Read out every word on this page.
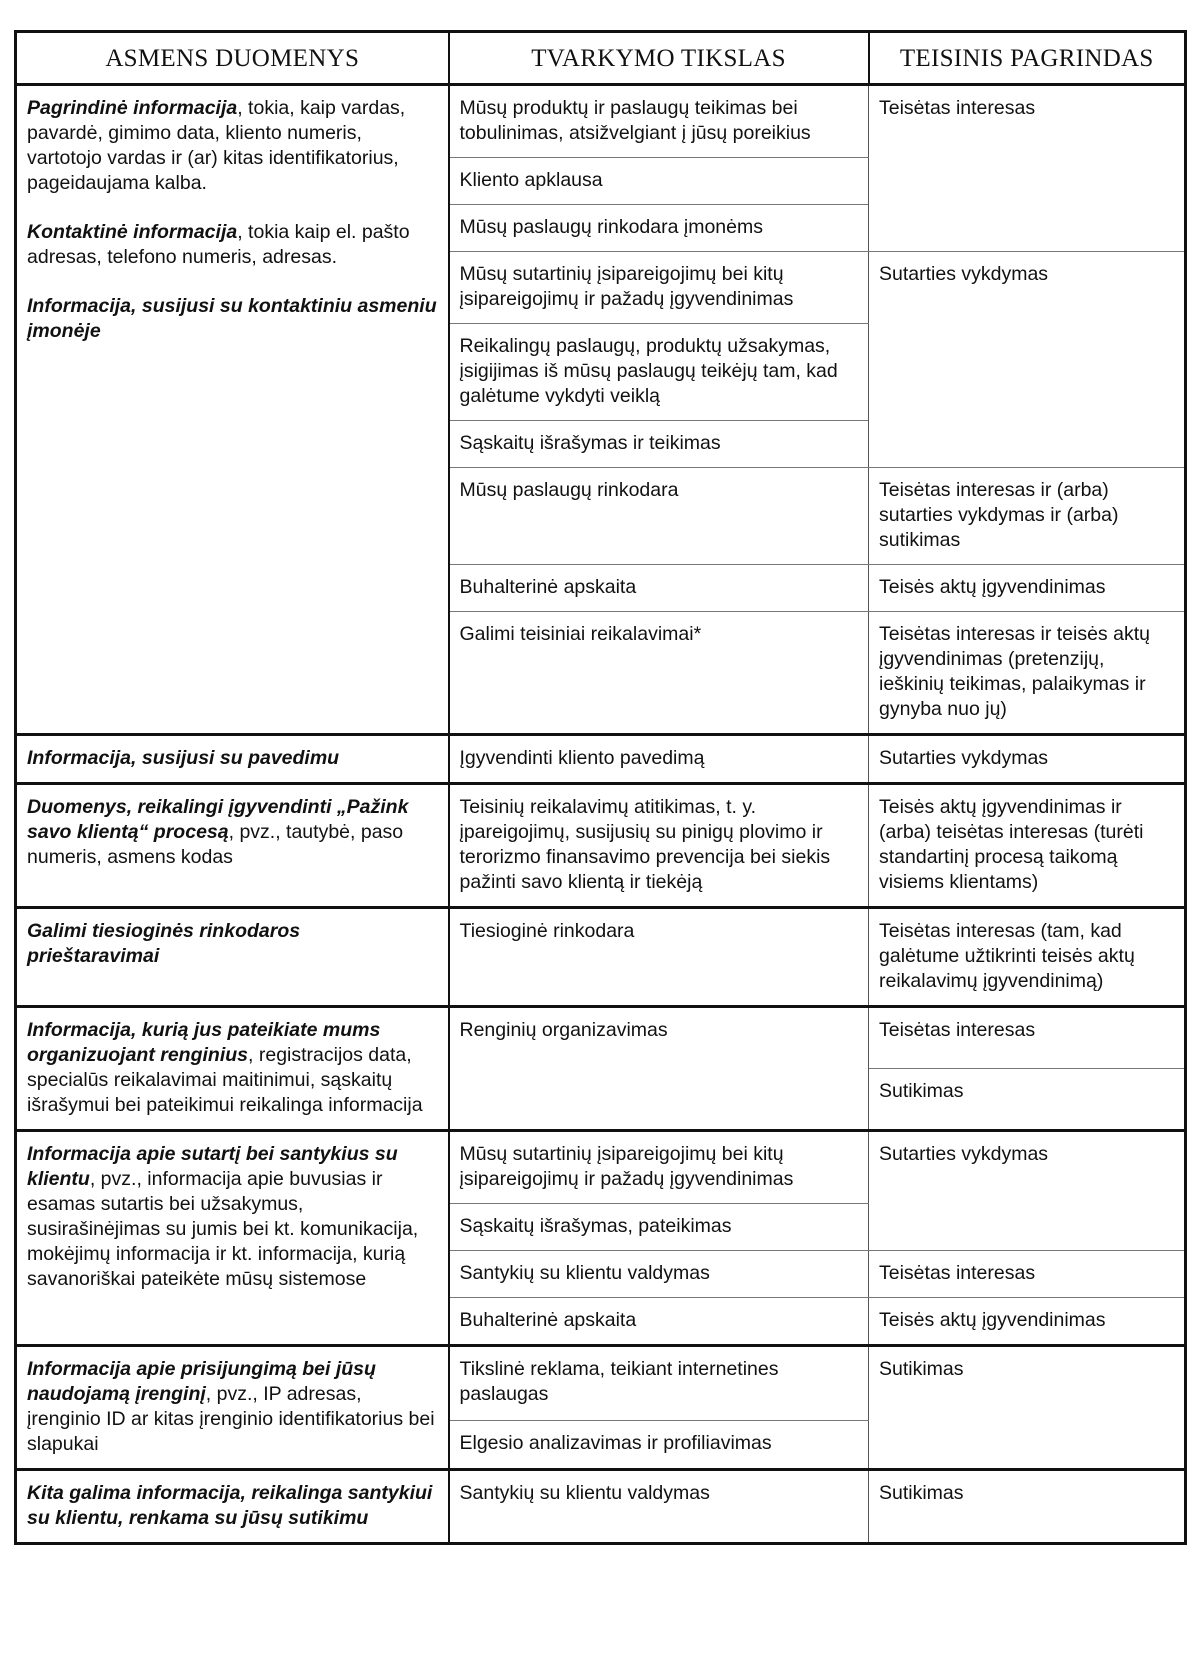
ASMENS DUOMENYS	TVARKYMO TIKSLAS	TEISINIS PAGRINDAS

Pagrindinė informacija, tokia, kaip vardas, pavardė, gimimo data, kliento numeris, vartotojo vardas ir (ar) kitas identifikatorius, pageidaujama kalba.
Kontaktinė informacija, tokia kaip el. pašto adresas, telefono numeris, adresas.
Informacija, susijusi su kontaktiniu asmeniu įmonėje	Mūsų produktų ir paslaugų teikimas bei tobulinimas, atsižvelgiant į jūsų poreikius	Teisėtas interesas
	Kliento apklausa	
	Mūsų paslaugų rinkodara įmonėms	
	Mūsų sutartinių įsipareigojimų bei kitų įsipareigojimų ir pažadų įgyvendinimas	Sutarties vykdymas
	Reikalingų paslaugų, produktų užsakymas, įsigijimas iš mūsų paslaugų teikėjų tam, kad galėtume vykdyti veiklą	
	Sąskaitų išrašymas ir teikimas	
	Mūsų paslaugų rinkodara	Teisėtas interesas ir (arba) sutarties vykdymas ir (arba) sutikimas
	Buhalterinė apskaita	Teisės aktų įgyvendinimas
	Galimi teisiniai reikalavimai*	Teisėtas interesas ir teisės aktų įgyvendinimas (pretenzijų, ieškinių teikimas, palaikymas ir gynyba nuo jų)

Informacija, susijusi su pavedimu	Įgyvendinti kliento pavedimą	Sutarties vykdymas

Duomenys, reikalingi įgyvendinti „Pažink savo klientą“ procesą, pvz., tautybė, paso numeris, asmens kodas	Teisinių reikalavimų atitikimas, t. y. įpareigojimų, susijusių su pinigų plovimo ir terorizmo finansavimo prevencija bei siekis pažinti savo klientą ir tiekėją	Teisės aktų įgyvendinimas ir (arba) teisėtas interesas (turėti standartinį procesą taikomą visiems klientams)

Galimi tiesioginės rinkodaros prieštaravimai	Tiesioginė rinkodara	Teisėtas interesas (tam, kad galėtume užtikrinti teisės aktų reikalavimų įgyvendinimą)

Informacija, kurią jus pateikiate mums organizuojant renginius, registracijos data, specialūs reikalavimai maitinimui, sąskaitų išrašymui bei pateikimui reikalinga informacija	Renginių organizavimas	Teisėtas interesas
		Sutikimas

Informacija apie sutartį bei santykius su klientu, pvz., informacija apie buvusias ir esamas sutartis bei užsakymus, susirašinėjimas su jumis bei kt. komunikacija, mokėjimų informacija ir kt. informacija, kurią savanoriškai pateikėte mūsų sistemose	Mūsų sutartinių įsipareigojimų bei kitų įsipareigojimų ir pažadų įgyvendinimas	Sutarties vykdymas
	Sąskaitų išrašymas, pateikimas	
	Santykių su klientu valdymas	Teisėtas interesas
	Buhalterinė apskaita	Teisės aktų įgyvendinimas

Informacija apie prisijungimą bei jūsų naudojamą įrenginį, pvz., IP adresas, įrenginio ID ar kitas įrenginio identifikatorius bei slapukai	Tikslinė reklama, teikiant internetines paslaugas	Sutikimas
	Elgesio analizavimas ir profiliavimas	

Kita galima informacija, reikalinga santykiui su klientu, renkama su jūsų sutikimu	Santykių su klientu valdymas	Sutikimas
